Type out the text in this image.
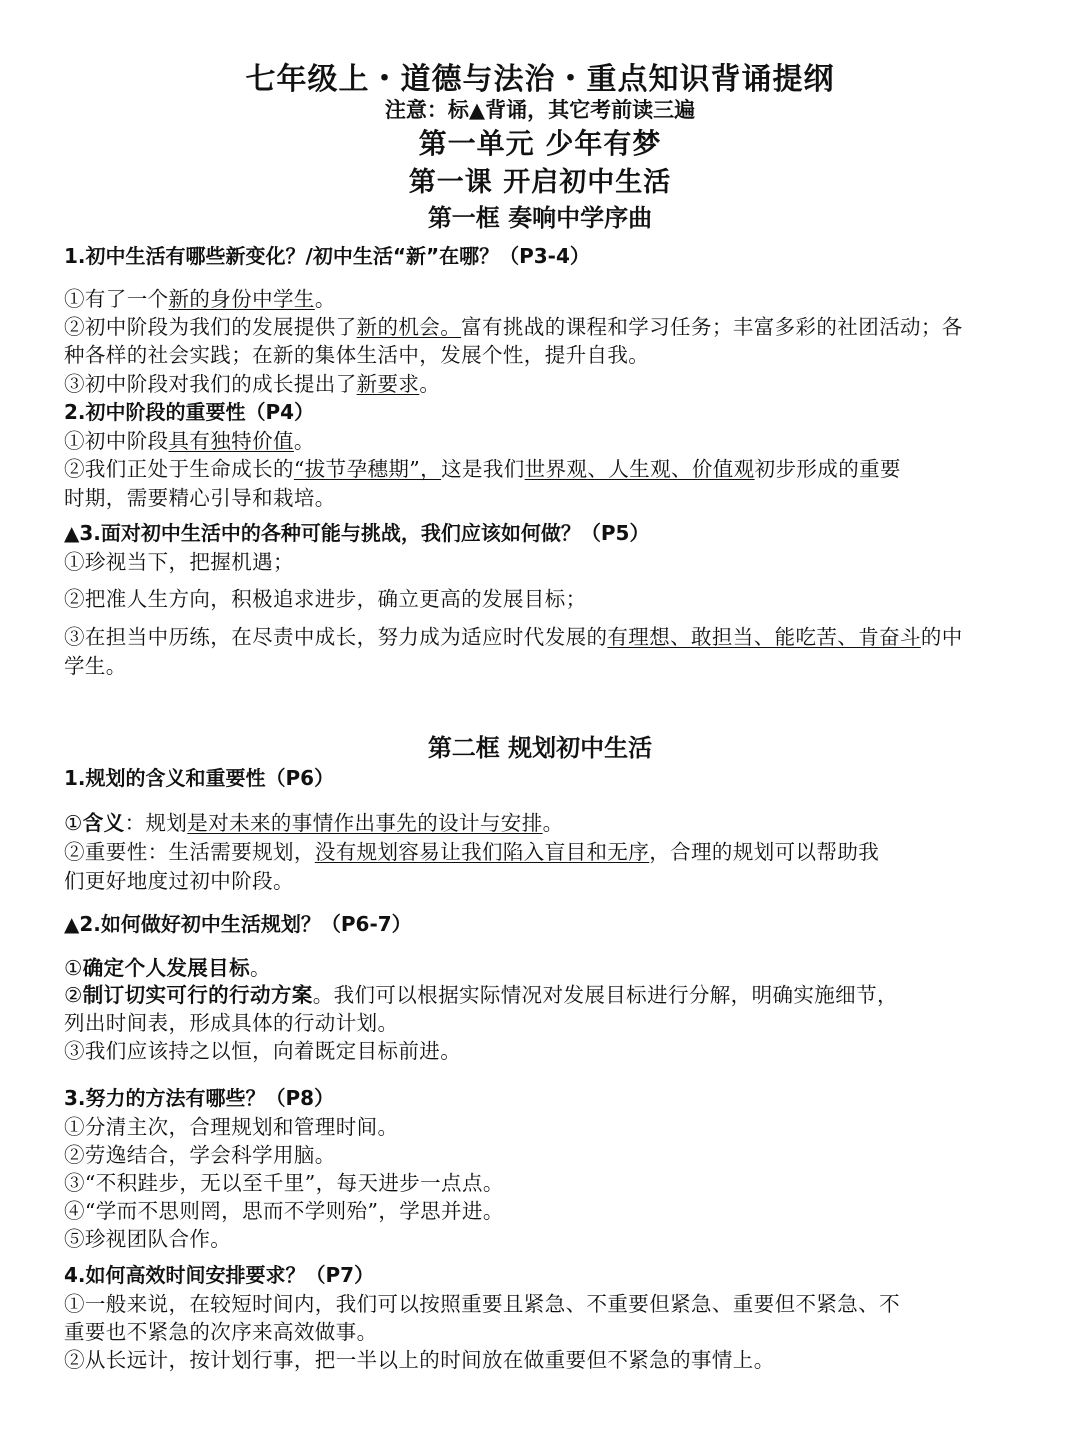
七年级上・道德与法治・重点知识背诵提纲
注意：标▲背诵，其它考前读三遍
第一单元 少年有梦
第一课 开启初中生活
第一框 奏响中学序曲
1.初中生活有哪些新变化？/初中生活“新”在哪？（P3-4）
①有了一个新的身份中学生。
②初中阶段为我们的发展提供了新的机会。富有挑战的课程和学习任务；丰富多彩的社团活动；各
种各样的社会实践；在新的集体生活中，发展个性，提升自我。
③初中阶段对我们的成长提出了新要求。
2.初中阶段的重要性（P4）
①初中阶段具有独特价值。
②我们正处于生命成长的“拔节孕穗期”，这是我们世界观、人生观、价值观初步形成的重要
时期，需要精心引导和栽培。
▲3.面对初中生活中的各种可能与挑战，我们应该如何做？（P5）
①珍视当下，把握机遇；
②把准人生方向，积极追求进步，确立更高的发展目标；
③在担当中历练，在尽责中成长，努力成为适应时代发展的有理想、敢担当、能吃苦、肯奋斗的中
学生。
第二框 规划初中生活
1.规划的含义和重要性（P6）
①含义：规划是对未来的事情作出事先的设计与安排。
②重要性：生活需要规划，没有规划容易让我们陷入盲目和无序，合理的规划可以帮助我
们更好地度过初中阶段。
▲2.如何做好初中生活规划？（P6-7）
①确定个人发展目标。
②制订切实可行的行动方案。我们可以根据实际情况对发展目标进行分解，明确实施细节，
列出时间表，形成具体的行动计划。
③我们应该持之以恒，向着既定目标前进。
3.努力的方法有哪些？（P8）
①分清主次，合理规划和管理时间。
②劳逸结合，学会科学用脑。
③“不积跬步，无以至千里”，每天进步一点点。
④“学而不思则罔，思而不学则殆”，学思并进。
⑤珍视团队合作。
4.如何高效时间安排要求？（P7）
①一般来说，在较短时间内，我们可以按照重要且紧急、不重要但紧急、重要但不紧急、不
重要也不紧急的次序来高效做事。
②从长远计，按计划行事，把一半以上的时间放在做重要但不紧急的事情上。
